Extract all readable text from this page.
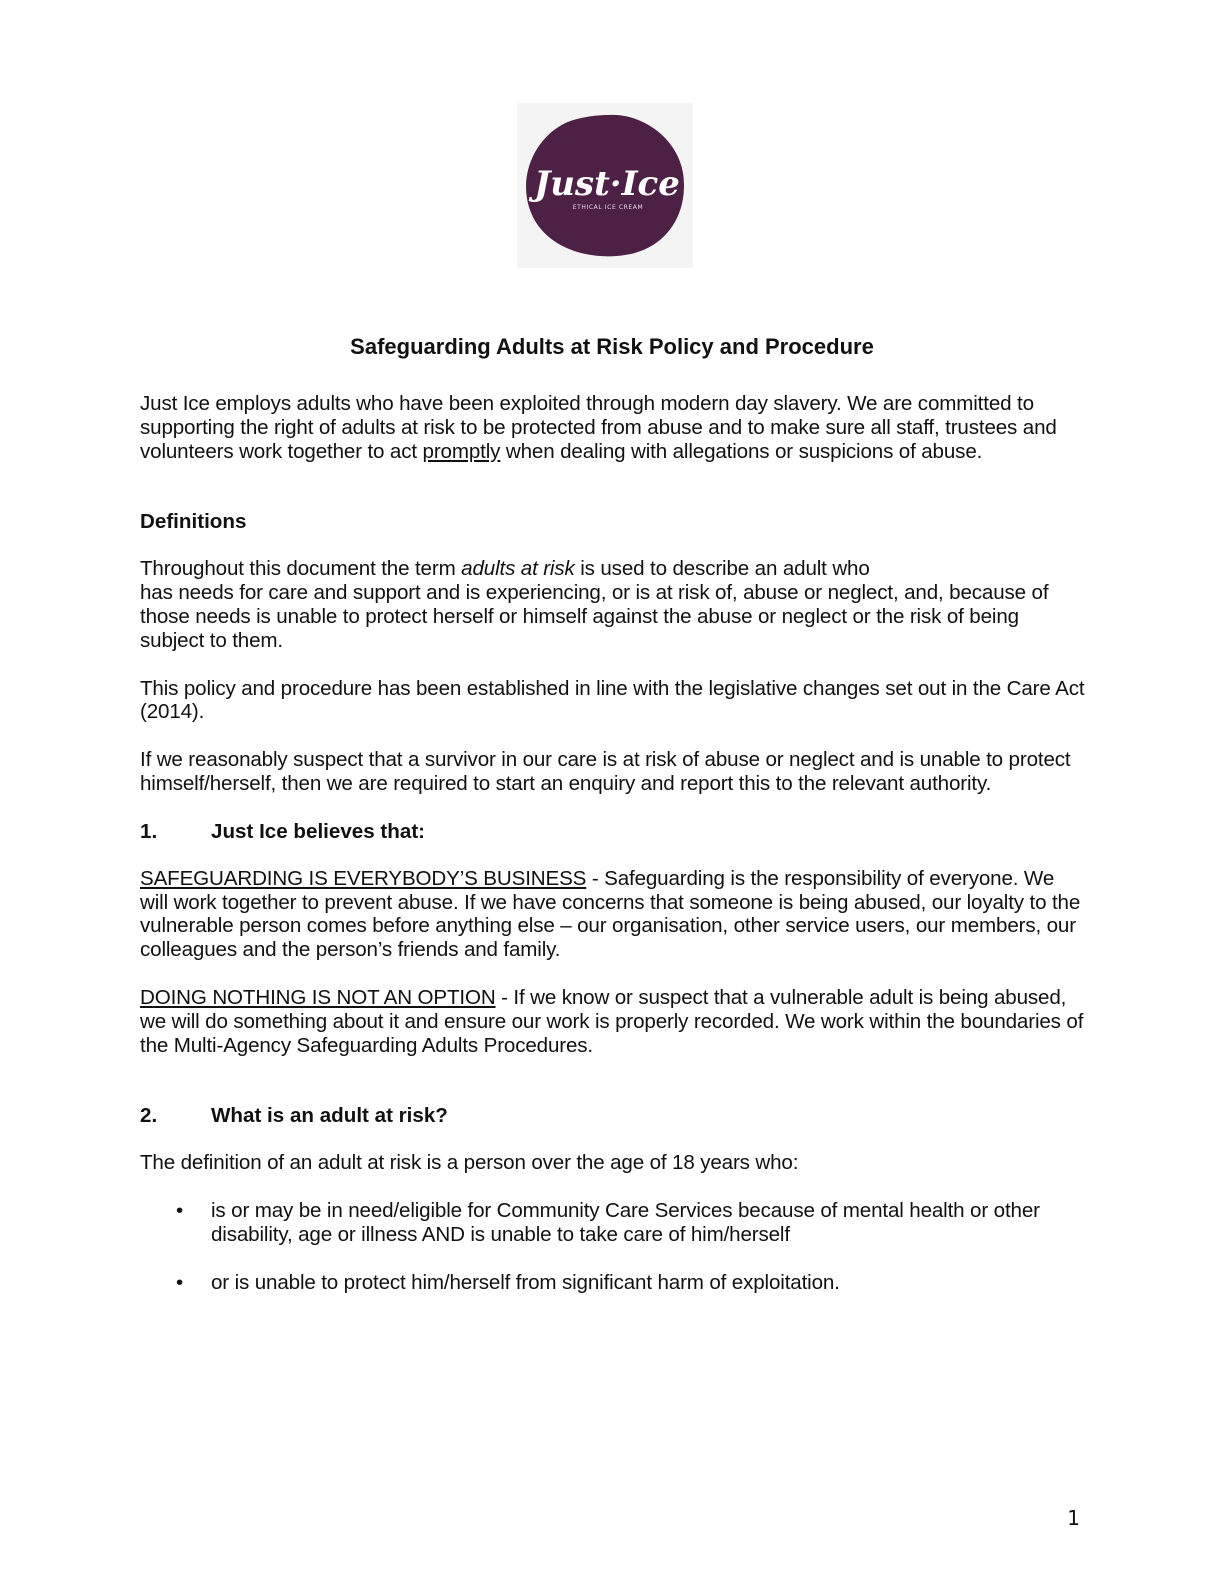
Just·Ice
ETHICAL ICE CREAM
Safeguarding Adults at Risk Policy and Procedure

Just Ice employs adults who have been exploited through modern day slavery. We are committed to supporting the right of adults at risk to be protected from abuse and to make sure all staff, trustees and volunteers work together to act promptly when dealing with allegations or suspicions of abuse.

Definitions

Throughout this document the term adults at risk is used to describe an adult who
has needs for care and support and is experiencing, or is at risk of, abuse or neglect, and, because of those needs is unable to protect herself or himself against the abuse or neglect or the risk of being subject to them.

This policy and procedure has been established in line with the legislative changes set out in the Care Act (2014).

If we reasonably suspect that a survivor in our care is at risk of abuse or neglect and is unable to protect himself/herself, then we are required to start an enquiry and report this to the relevant authority.

1.	Just Ice believes that:

SAFEGUARDING IS EVERYBODY’S BUSINESS - Safeguarding is the responsibility of everyone. We will work together to prevent abuse. If we have concerns that someone is being abused, our loyalty to the vulnerable person comes before anything else – our organisation, other service users, our members, our colleagues and the person’s friends and family.

DOING NOTHING IS NOT AN OPTION - If we know or suspect that a vulnerable adult is being abused, we will do something about it and ensure our work is properly recorded. We work within the boundaries of the Multi-Agency Safeguarding Adults Procedures.

2.	What is an adult at risk?

The definition of an adult at risk is a person over the age of 18 years who:

• is or may be in need/eligible for Community Care Services because of mental health or other disability, age or illness AND is unable to take care of him/herself
• or is unable to protect him/herself from significant harm of exploitation.
1
